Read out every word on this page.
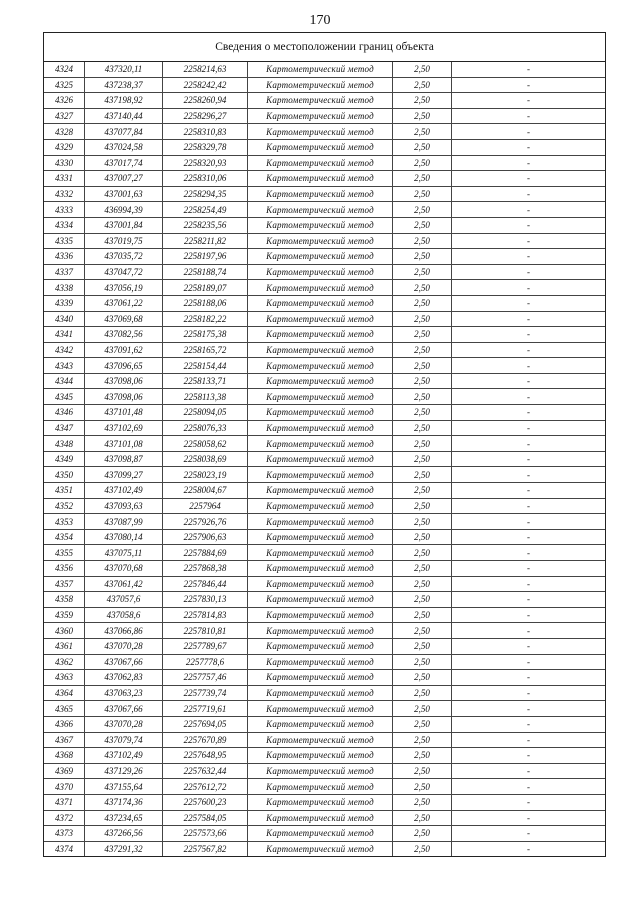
170
Сведения о местоположении границ объекта
4324	437320,11	2258214,63	Картометрический метод	2,50	-
4325	437238,37	2258242,42	Картометрический метод	2,50	-
4326	437198,92	2258260,94	Картометрический метод	2,50	-
4327	437140,44	2258296,27	Картометрический метод	2,50	-
4328	437077,84	2258310,83	Картометрический метод	2,50	-
4329	437024,58	2258329,78	Картометрический метод	2,50	-
4330	437017,74	2258320,93	Картометрический метод	2,50	-
4331	437007,27	2258310,06	Картометрический метод	2,50	-
4332	437001,63	2258294,35	Картометрический метод	2,50	-
4333	436994,39	2258254,49	Картометрический метод	2,50	-
4334	437001,84	2258235,56	Картометрический метод	2,50	-
4335	437019,75	2258211,82	Картометрический метод	2,50	-
4336	437035,72	2258197,96	Картометрический метод	2,50	-
4337	437047,72	2258188,74	Картометрический метод	2,50	-
4338	437056,19	2258189,07	Картометрический метод	2,50	-
4339	437061,22	2258188,06	Картометрический метод	2,50	-
4340	437069,68	2258182,22	Картометрический метод	2,50	-
4341	437082,56	2258175,38	Картометрический метод	2,50	-
4342	437091,62	2258165,72	Картометрический метод	2,50	-
4343	437096,65	2258154,44	Картометрический метод	2,50	-
4344	437098,06	2258133,71	Картометрический метод	2,50	-
4345	437098,06	2258113,38	Картометрический метод	2,50	-
4346	437101,48	2258094,05	Картометрический метод	2,50	-
4347	437102,69	2258076,33	Картометрический метод	2,50	-
4348	437101,08	2258058,62	Картометрический метод	2,50	-
4349	437098,87	2258038,69	Картометрический метод	2,50	-
4350	437099,27	2258023,19	Картометрический метод	2,50	-
4351	437102,49	2258004,67	Картометрический метод	2,50	-
4352	437093,63	2257964	Картометрический метод	2,50	-
4353	437087,99	2257926,76	Картометрический метод	2,50	-
4354	437080,14	2257906,63	Картометрический метод	2,50	-
4355	437075,11	2257884,69	Картометрический метод	2,50	-
4356	437070,68	2257868,38	Картометрический метод	2,50	-
4357	437061,42	2257846,44	Картометрический метод	2,50	-
4358	437057,6	2257830,13	Картометрический метод	2,50	-
4359	437058,6	2257814,83	Картометрический метод	2,50	-
4360	437066,86	2257810,81	Картометрический метод	2,50	-
4361	437070,28	2257789,67	Картометрический метод	2,50	-
4362	437067,66	2257778,6	Картометрический метод	2,50	-
4363	437062,83	2257757,46	Картометрический метод	2,50	-
4364	437063,23	2257739,74	Картометрический метод	2,50	-
4365	437067,66	2257719,61	Картометрический метод	2,50	-
4366	437070,28	2257694,05	Картометрический метод	2,50	-
4367	437079,74	2257670,89	Картометрический метод	2,50	-
4368	437102,49	2257648,95	Картометрический метод	2,50	-
4369	437129,26	2257632,44	Картометрический метод	2,50	-
4370	437155,64	2257612,72	Картометрический метод	2,50	-
4371	437174,36	2257600,23	Картометрический метод	2,50	-
4372	437234,65	2257584,05	Картометрический метод	2,50	-
4373	437266,56	2257573,66	Картометрический метод	2,50	-
4374	437291,32	2257567,82	Картометрический метод	2,50	-
